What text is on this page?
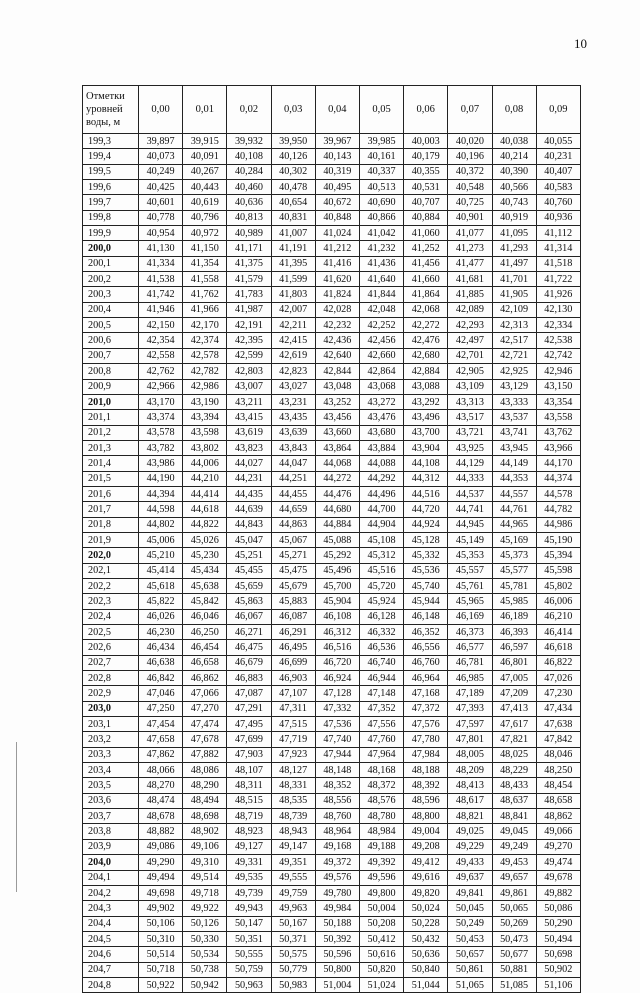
10
Отметки уровней воды, м	0,00	0,01	0,02	0,03	0,04	0,05	0,06	0,07	0,08	0,09
199,3	39,897	39,915	39,932	39,950	39,967	39,985	40,003	40,020	40,038	40,055
199,4	40,073	40,091	40,108	40,126	40,143	40,161	40,179	40,196	40,214	40,231
199,5	40,249	40,267	40,284	40,302	40,319	40,337	40,355	40,372	40,390	40,407
199,6	40,425	40,443	40,460	40,478	40,495	40,513	40,531	40,548	40,566	40,583
199,7	40,601	40,619	40,636	40,654	40,672	40,690	40,707	40,725	40,743	40,760
199,8	40,778	40,796	40,813	40,831	40,848	40,866	40,884	40,901	40,919	40,936
199,9	40,954	40,972	40,989	41,007	41,024	41,042	41,060	41,077	41,095	41,112
200,0	41,130	41,150	41,171	41,191	41,212	41,232	41,252	41,273	41,293	41,314
200,1	41,334	41,354	41,375	41,395	41,416	41,436	41,456	41,477	41,497	41,518
200,2	41,538	41,558	41,579	41,599	41,620	41,640	41,660	41,681	41,701	41,722
200,3	41,742	41,762	41,783	41,803	41,824	41,844	41,864	41,885	41,905	41,926
200,4	41,946	41,966	41,987	42,007	42,028	42,048	42,068	42,089	42,109	42,130
200,5	42,150	42,170	42,191	42,211	42,232	42,252	42,272	42,293	42,313	42,334
200,6	42,354	42,374	42,395	42,415	42,436	42,456	42,476	42,497	42,517	42,538
200,7	42,558	42,578	42,599	42,619	42,640	42,660	42,680	42,701	42,721	42,742
200,8	42,762	42,782	42,803	42,823	42,844	42,864	42,884	42,905	42,925	42,946
200,9	42,966	42,986	43,007	43,027	43,048	43,068	43,088	43,109	43,129	43,150
201,0	43,170	43,190	43,211	43,231	43,252	43,272	43,292	43,313	43,333	43,354
201,1	43,374	43,394	43,415	43,435	43,456	43,476	43,496	43,517	43,537	43,558
201,2	43,578	43,598	43,619	43,639	43,660	43,680	43,700	43,721	43,741	43,762
201,3	43,782	43,802	43,823	43,843	43,864	43,884	43,904	43,925	43,945	43,966
201,4	43,986	44,006	44,027	44,047	44,068	44,088	44,108	44,129	44,149	44,170
201,5	44,190	44,210	44,231	44,251	44,272	44,292	44,312	44,333	44,353	44,374
201,6	44,394	44,414	44,435	44,455	44,476	44,496	44,516	44,537	44,557	44,578
201,7	44,598	44,618	44,639	44,659	44,680	44,700	44,720	44,741	44,761	44,782
201,8	44,802	44,822	44,843	44,863	44,884	44,904	44,924	44,945	44,965	44,986
201,9	45,006	45,026	45,047	45,067	45,088	45,108	45,128	45,149	45,169	45,190
202,0	45,210	45,230	45,251	45,271	45,292	45,312	45,332	45,353	45,373	45,394
202,1	45,414	45,434	45,455	45,475	45,496	45,516	45,536	45,557	45,577	45,598
202,2	45,618	45,638	45,659	45,679	45,700	45,720	45,740	45,761	45,781	45,802
202,3	45,822	45,842	45,863	45,883	45,904	45,924	45,944	45,965	45,985	46,006
202,4	46,026	46,046	46,067	46,087	46,108	46,128	46,148	46,169	46,189	46,210
202,5	46,230	46,250	46,271	46,291	46,312	46,332	46,352	46,373	46,393	46,414
202,6	46,434	46,454	46,475	46,495	46,516	46,536	46,556	46,577	46,597	46,618
202,7	46,638	46,658	46,679	46,699	46,720	46,740	46,760	46,781	46,801	46,822
202,8	46,842	46,862	46,883	46,903	46,924	46,944	46,964	46,985	47,005	47,026
202,9	47,046	47,066	47,087	47,107	47,128	47,148	47,168	47,189	47,209	47,230
203,0	47,250	47,270	47,291	47,311	47,332	47,352	47,372	47,393	47,413	47,434
203,1	47,454	47,474	47,495	47,515	47,536	47,556	47,576	47,597	47,617	47,638
203,2	47,658	47,678	47,699	47,719	47,740	47,760	47,780	47,801	47,821	47,842
203,3	47,862	47,882	47,903	47,923	47,944	47,964	47,984	48,005	48,025	48,046
203,4	48,066	48,086	48,107	48,127	48,148	48,168	48,188	48,209	48,229	48,250
203,5	48,270	48,290	48,311	48,331	48,352	48,372	48,392	48,413	48,433	48,454
203,6	48,474	48,494	48,515	48,535	48,556	48,576	48,596	48,617	48,637	48,658
203,7	48,678	48,698	48,719	48,739	48,760	48,780	48,800	48,821	48,841	48,862
203,8	48,882	48,902	48,923	48,943	48,964	48,984	49,004	49,025	49,045	49,066
203,9	49,086	49,106	49,127	49,147	49,168	49,188	49,208	49,229	49,249	49,270
204,0	49,290	49,310	49,331	49,351	49,372	49,392	49,412	49,433	49,453	49,474
204,1	49,494	49,514	49,535	49,555	49,576	49,596	49,616	49,637	49,657	49,678
204,2	49,698	49,718	49,739	49,759	49,780	49,800	49,820	49,841	49,861	49,882
204,3	49,902	49,922	49,943	49,963	49,984	50,004	50,024	50,045	50,065	50,086
204,4	50,106	50,126	50,147	50,167	50,188	50,208	50,228	50,249	50,269	50,290
204,5	50,310	50,330	50,351	50,371	50,392	50,412	50,432	50,453	50,473	50,494
204,6	50,514	50,534	50,555	50,575	50,596	50,616	50,636	50,657	50,677	50,698
204,7	50,718	50,738	50,759	50,779	50,800	50,820	50,840	50,861	50,881	50,902
204,8	50,922	50,942	50,963	50,983	51,004	51,024	51,044	51,065	51,085	51,106
